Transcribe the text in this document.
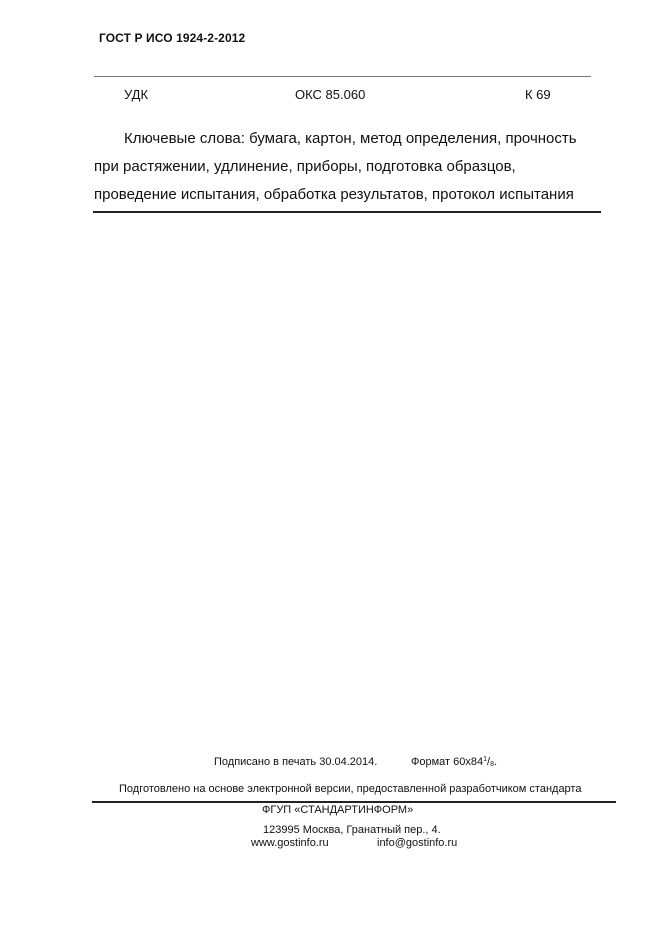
ГОСТ Р ИСО 1924-2-2012
УДК	ОКС 85.060	К 69
Ключевые слова: бумага, картон, метод определения, прочность
при растяжении, удлинение, приборы, подготовка образцов,
проведение испытания, обработка результатов, протокол испытания
Подписано в печать 30.04.2014.	Формат $60x84^1/_8$.
Подготовлено на основе электронной версии, предоставленной разработчиком стандарта
ФГУП «СТАНДАРТИНФОРМ»
123995 Москва, Гранатный пер., 4.
www.gostinfo.ru	info@gostinfo.ru
